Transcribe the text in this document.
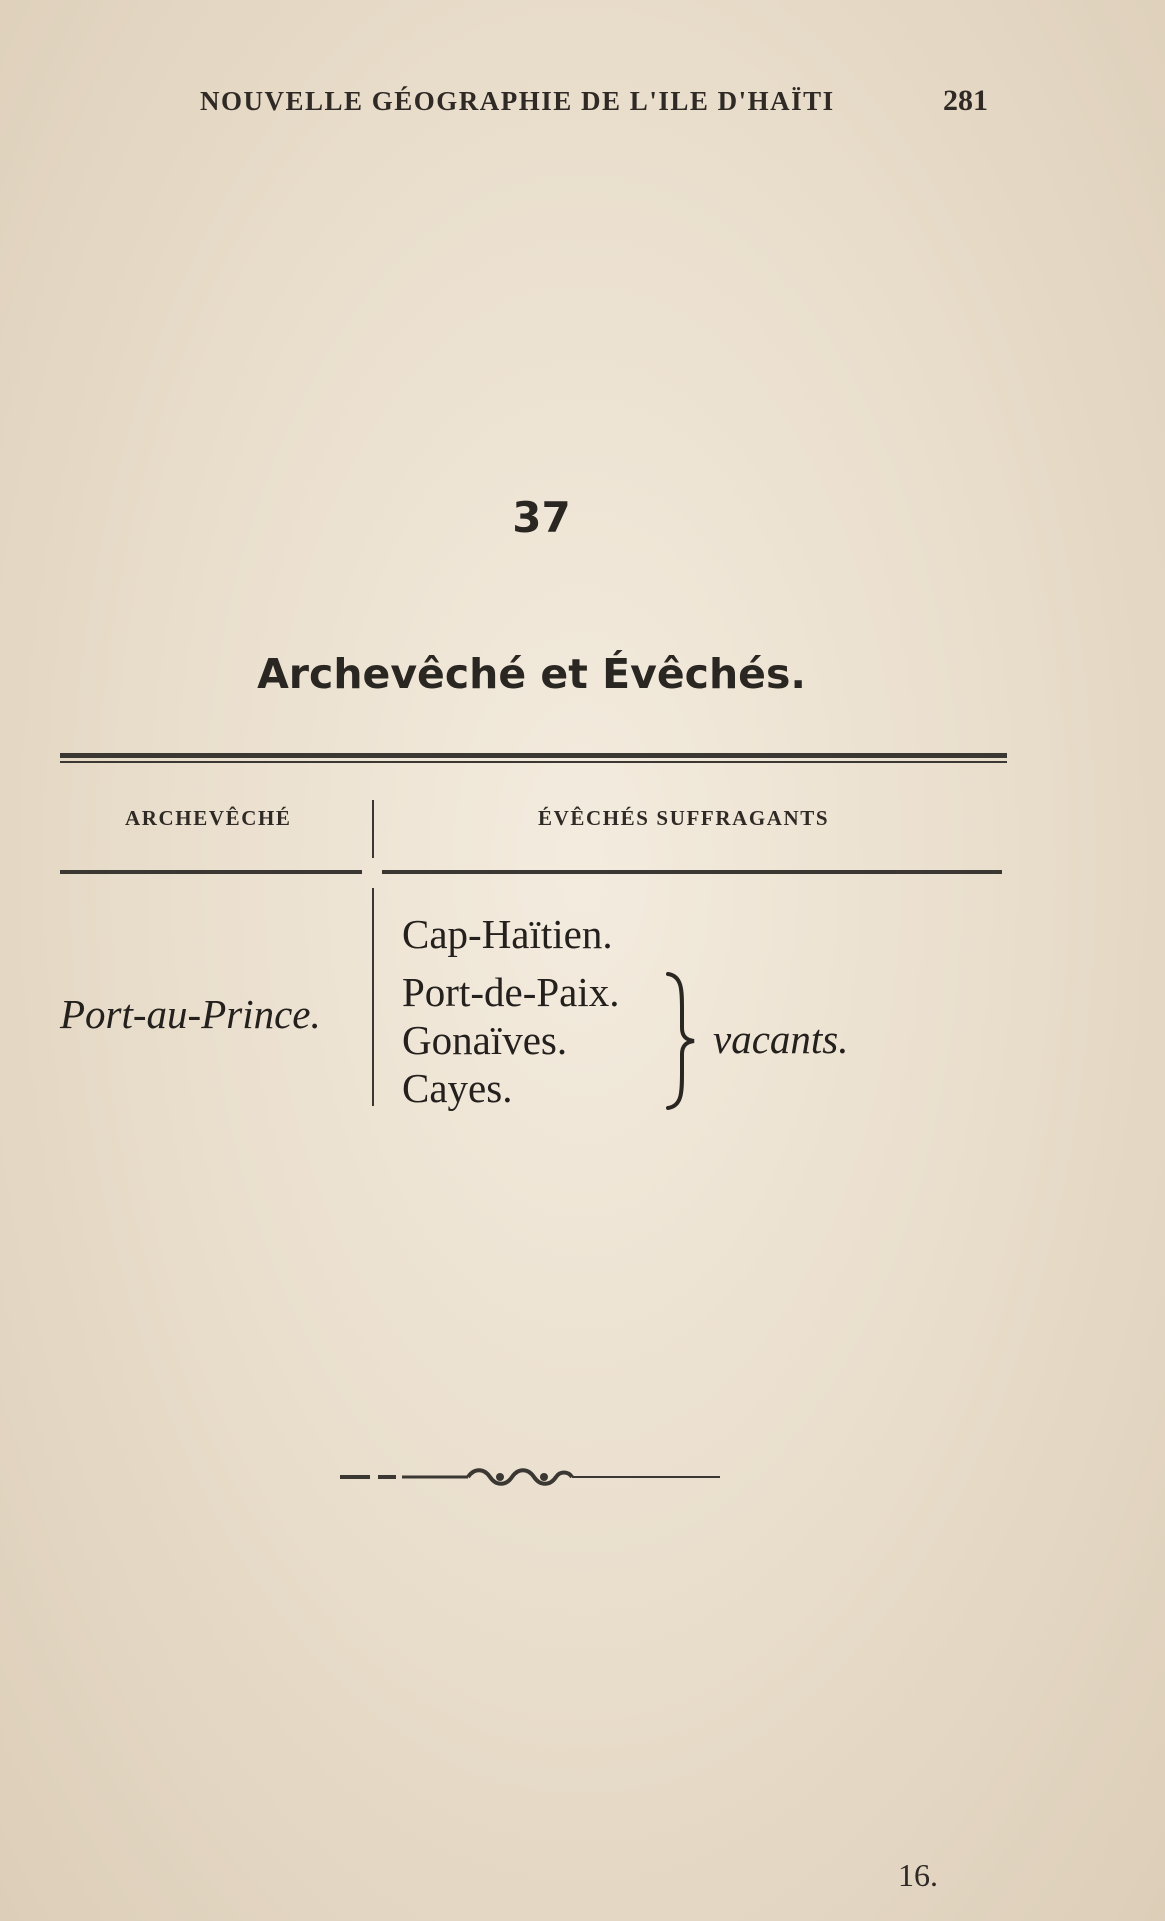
NOUVELLE GÉOGRAPHIE DE L'ILE D'HAÏTI	281
37
Archevêché et Évêchés.
ARCHEVÊCHÉ	ÉVÊCHÉS SUFFRAGANTS
Port-au-Prince.
Cap-Haïtien.
Port-de-Paix.
Gonaïves.
Cayes.
vacants.
16.
